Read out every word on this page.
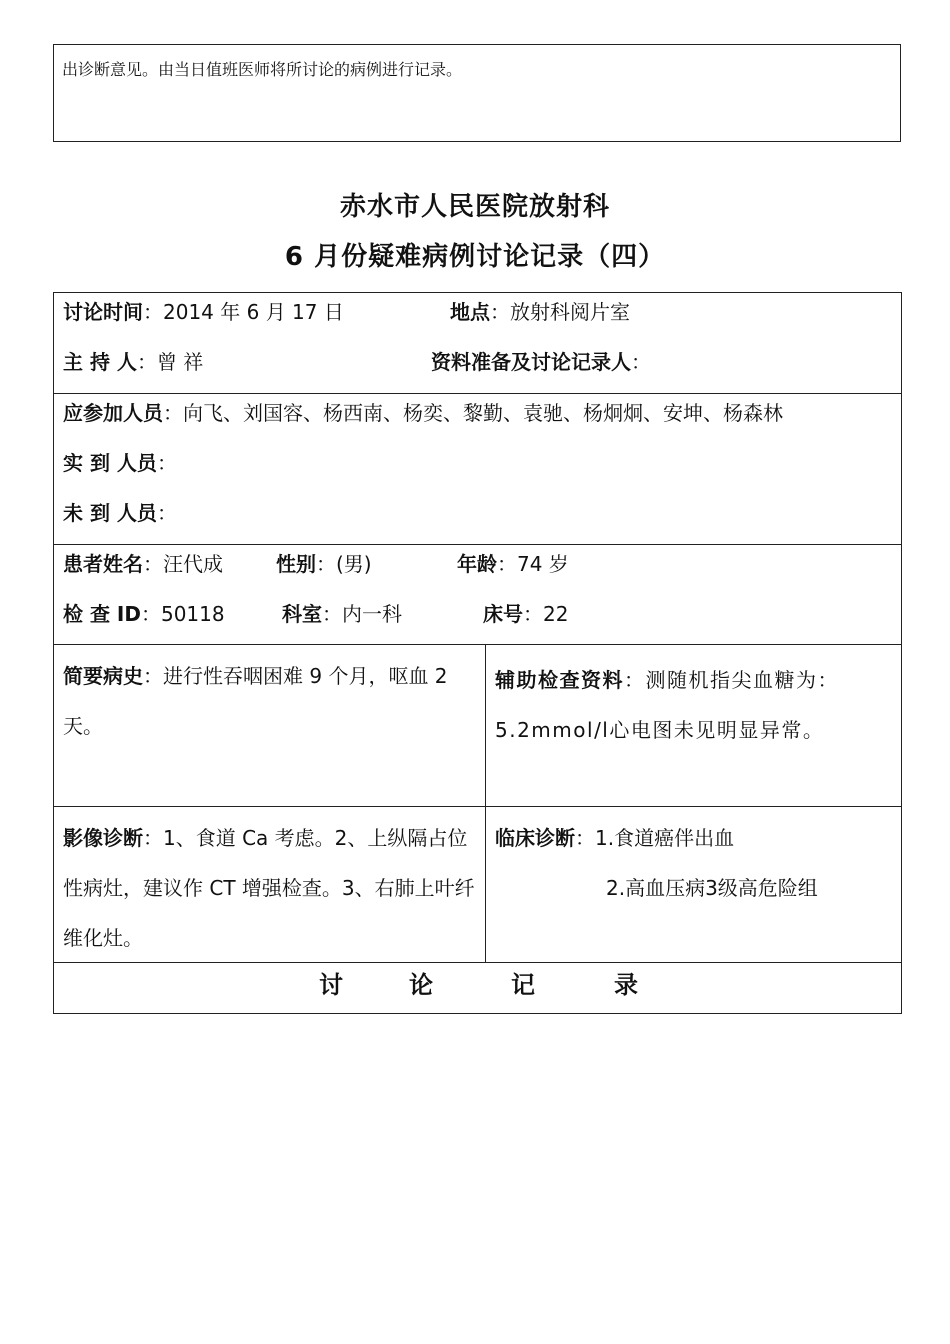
出诊断意见。由当日值班医师将所讨论的病例进行记录。
赤水市人民医院放射科
6 月份疑难病例讨论记录（四）
讨论时间：2014 年 6 月 17 日	地点：放射科阅片室
主 持 人：曾 祥	资料准备及讨论记录人：
应参加人员：向飞、刘国容、杨西南、杨奕、黎勤、袁驰、杨炯炯、安坤、杨森林
实 到 人员：
未 到 人员：
患者姓名：汪代成	性别：(男)	年龄：74 岁
检 查 ID：50118	科室：内一科	床号：22
简要病史：进行性吞咽困难 9 个月，呕血 2 天。
辅助检查资料：测随机指尖血糖为：5.2mmol/l心电图未见明显异常。
影像诊断：1、食道 Ca 考虑。2、上纵隔占位性病灶，建议作 CT 增强检查。3、右肺上叶纤维化灶。
临床诊断：1.食道癌伴出血
2.高血压病3级高危险组
讨	论	记	录
